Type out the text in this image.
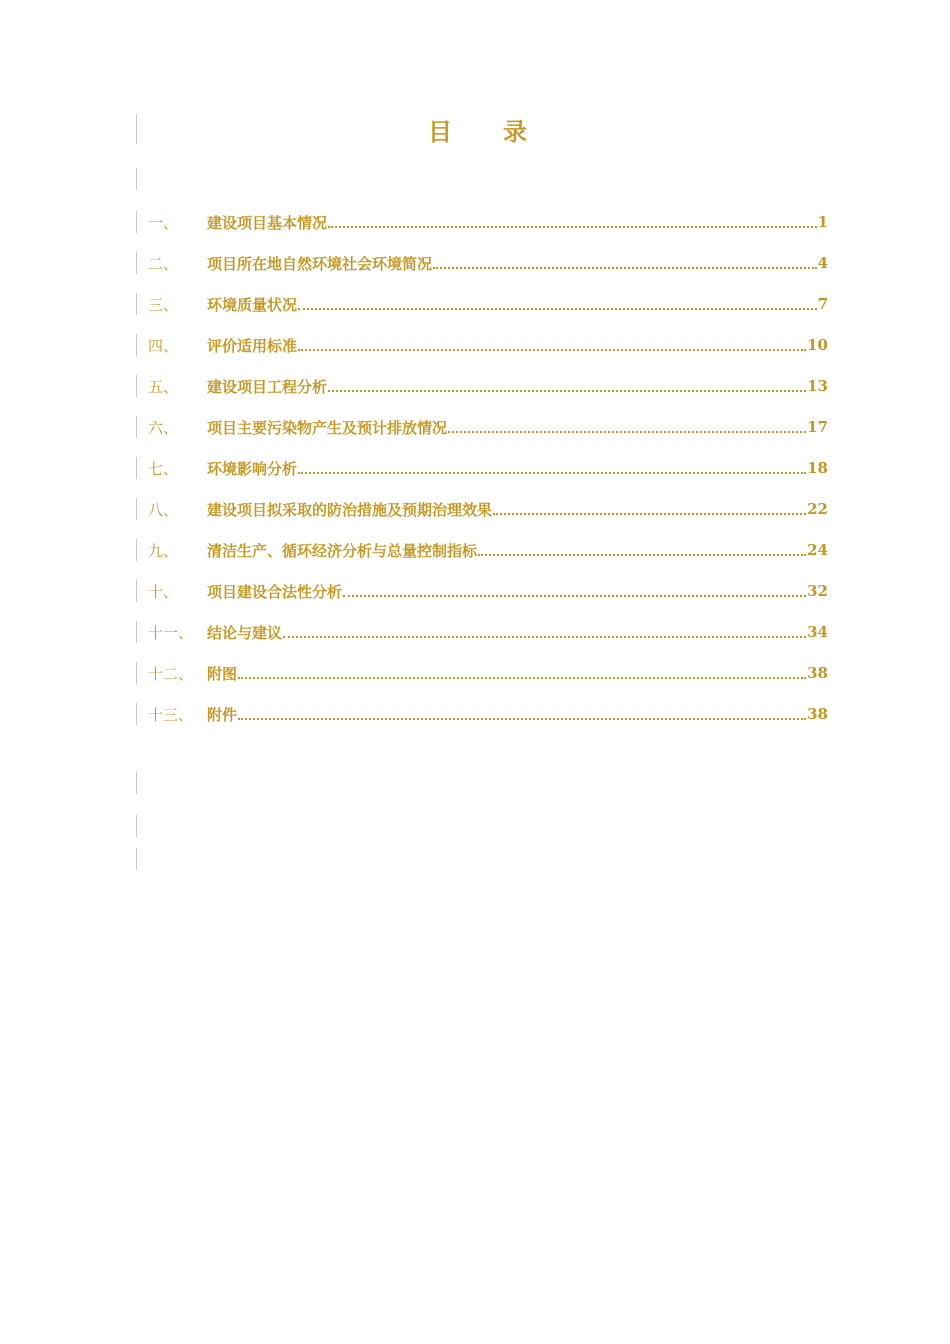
目 录
一、	建设项目基本情况	1
二、	项目所在地自然环境社会环境简况	4
三、	环境质量状况	7
四、	评价适用标准	10
五、	建设项目工程分析	13
六、	项目主要污染物产生及预计排放情况	17
七、	环境影响分析	18
八、	建设项目拟采取的防治措施及预期治理效果	22
九、	清洁生产、循环经济分析与总量控制指标	24
十、	项目建设合法性分析	32
十一、 结论与建议	34
十二、 附图	38
十三、 附件	38
